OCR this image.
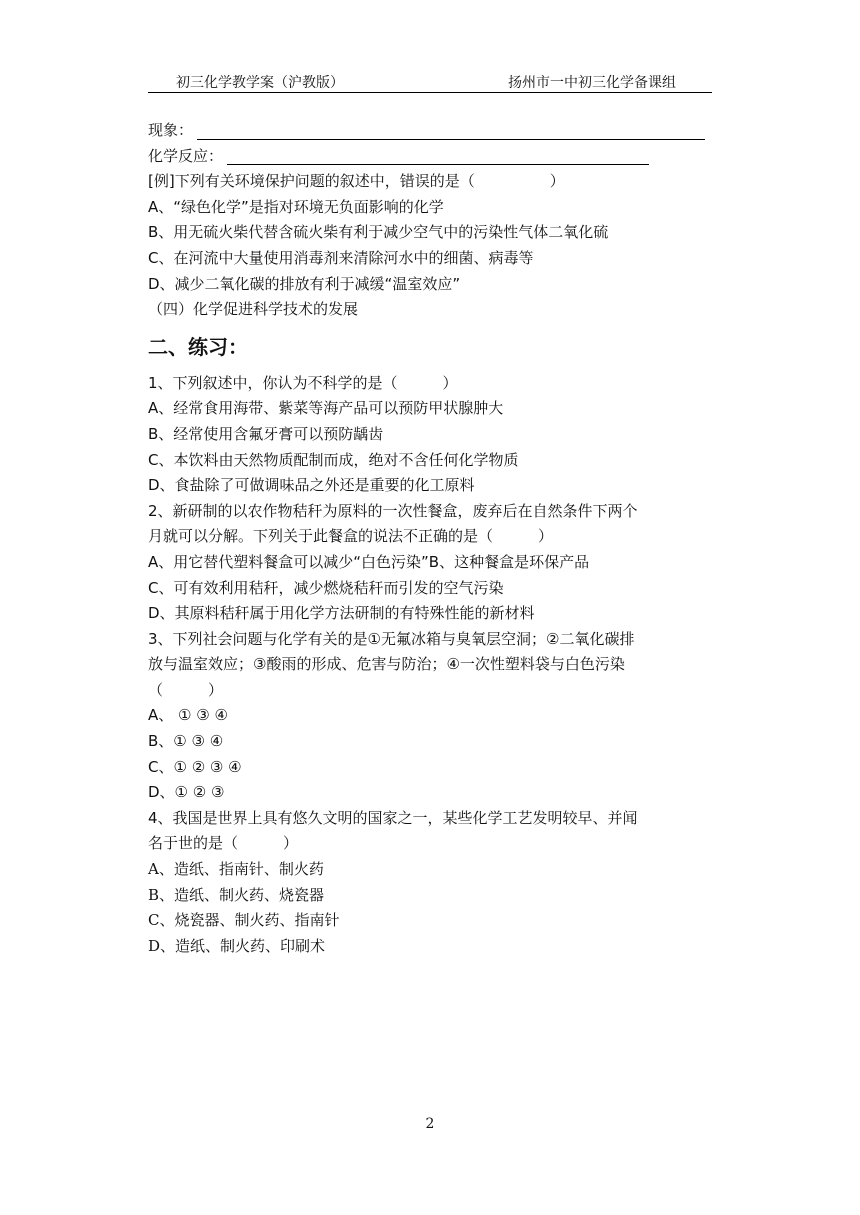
初三化学教学案（沪教版）	扬州市一中初三化学备课组
现象：
化学反应：
[例]下列有关环境保护问题的叙述中，错误的是（　　　　　）
A、“绿色化学”是指对环境无负面影响的化学
B、用无硫火柴代替含硫火柴有利于减少空气中的污染性气体二氧化硫
C、在河流中大量使用消毒剂来清除河水中的细菌、病毒等
D、减少二氧化碳的排放有利于减缓“温室效应”
（四）化学促进科学技术的发展
二、练习：
1、下列叙述中，你认为不科学的是（　　　）
A、经常食用海带、紫菜等海产品可以预防甲状腺肿大
B、经常使用含氟牙膏可以预防龋齿
C、本饮料由天然物质配制而成，绝对不含任何化学物质
D、食盐除了可做调味品之外还是重要的化工原料
2、新研制的以农作物秸秆为原料的一次性餐盒，废弃后在自然条件下两个
月就可以分解。下列关于此餐盒的说法不正确的是（　　　）
A、用它替代塑料餐盒可以减少“白色污染”B、这种餐盒是环保产品
C、可有效利用秸秆，减少燃烧秸秆而引发的空气污染
D、其原料秸秆属于用化学方法研制的有特殊性能的新材料
3、下列社会问题与化学有关的是①无氟冰箱与臭氧层空洞；②二氧化碳排
放与温室效应；③酸雨的形成、危害与防治；④一次性塑料袋与白色污染
（　　　）
A、 ① ③ ④
B、① ③ ④
C、① ② ③ ④
D、① ② ③
4、我国是世界上具有悠久文明的国家之一，某些化学工艺发明较早、并闻
名于世的是（　　　）
A、造纸、指南针、制火药
B、造纸、制火药、烧瓷器
C、烧瓷器、制火药、指南针
D、造纸、制火药、印刷术
2
